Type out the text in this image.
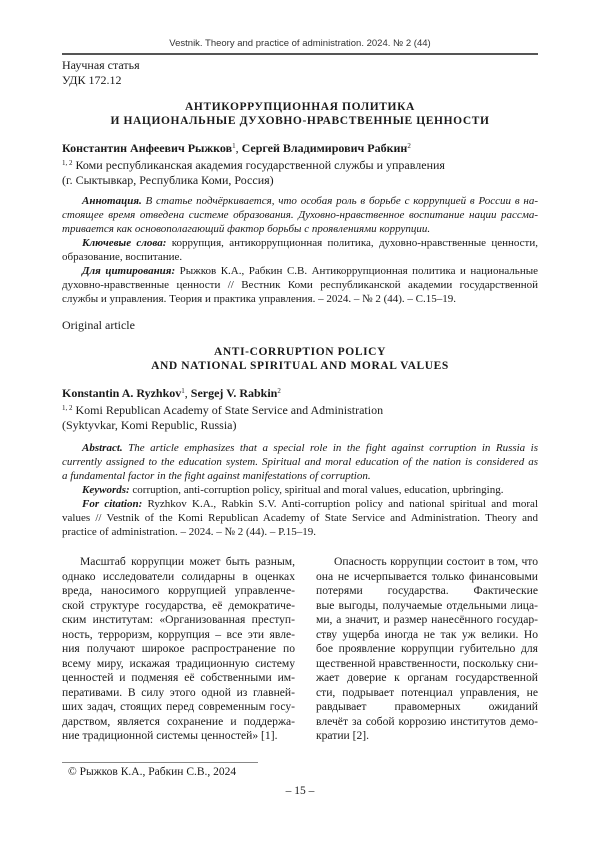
Vestnik. Theory and practice of administration. 2024. № 2 (44)
Научная статья
УДК 172.12
АНТИКОРРУПЦИОННАЯ ПОЛИТИКА
И НАЦИОНАЛЬНЫЕ ДУХОВНО-НРАВСТВЕННЫЕ ЦЕННОСТИ
Константин Анфеевич Рыжков1, Сергей Владимирович Рабкин2
1, 2 Коми республиканская академия государственной службы и управления
(г. Сыктывкар, Республика Коми, Россия)
Аннотация. В статье подчёркивается, что особая роль в борьбе с коррупцией в России в на-
стоящее время отведена системе образования. Духовно-нравственное воспитание нации рассма-
тривается как основополагающий фактор борьбы с проявлениями коррупции.
Ключевые слова: коррупция, антикоррупционная политика, духовно-нравственные ценности,
образование, воспитание.
Для цитирования: Рыжков К.А., Рабкин С.В. Антикоррупционная политика и национальные
духовно-нравственные ценности // Вестник Коми республиканской академии государственной
службы и управления. Теория и практика управления. – 2024. – № 2 (44). – С.15–19.
Original article
ANTI-CORRUPTION POLICY
AND NATIONAL SPIRITUAL AND MORAL VALUES
Konstantin A. Ryzhkov1, Sergej V. Rabkin2
1, 2 Komi Republican Academy of State Service and Administration
(Syktyvkar, Komi Republic, Russia)
Abstract. The article emphasizes that a special role in the fight against corruption in Russia is
currently assigned to the education system. Spiritual and moral education of the nation is considered as
a fundamental factor in the fight against manifestations of corruption.
Keywords: corruption, anti-corruption policy, spiritual and moral values, education, upbringing.
For citation: Ryzhkov K.A., Rabkin S.V. Anti-corruption policy and national spiritual and moral
values // Vestnik of the Komi Republican Academy of State Service and Administration. Theory and
practice of administration. – 2024. – № 2 (44). – P.15–19.
Масштаб коррупции может быть разным,
однако исследователи солидарны в оценках
вреда, наносимого коррупцией управленче-
ской структуре государства, её демократиче-
ским институтам: «Организованная преступ-
ность, терроризм, коррупция – все эти явле-
ния получают широкое распространение по
всему миру, искажая традиционную систему
ценностей и подменяя её собственными им-
перативами. В силу этого одной из главней-
ших задач, стоящих перед современным госу-
дарством, является сохранение и поддержа-
ние традиционной системы ценностей» [1].
Опасность коррупции состоит в том, что
она не исчерпывается только финансовыми
потерями государства. Фактические
вые выгоды, получаемые отдельными лица-
ми, а значит, и размер нанесённого государ-
ству ущерба иногда не так уж велики. Но
бое проявление коррупции губительно для
щественной нравственности, поскольку сни-
жает доверие к органам государственной
сти, подрывает потенциал управления, не
равдывает правомерных ожиданий
влечёт за собой коррозию институтов демо-
кратии [2].
© Рыжков К.А., Рабкин С.В., 2024
– 15 –
